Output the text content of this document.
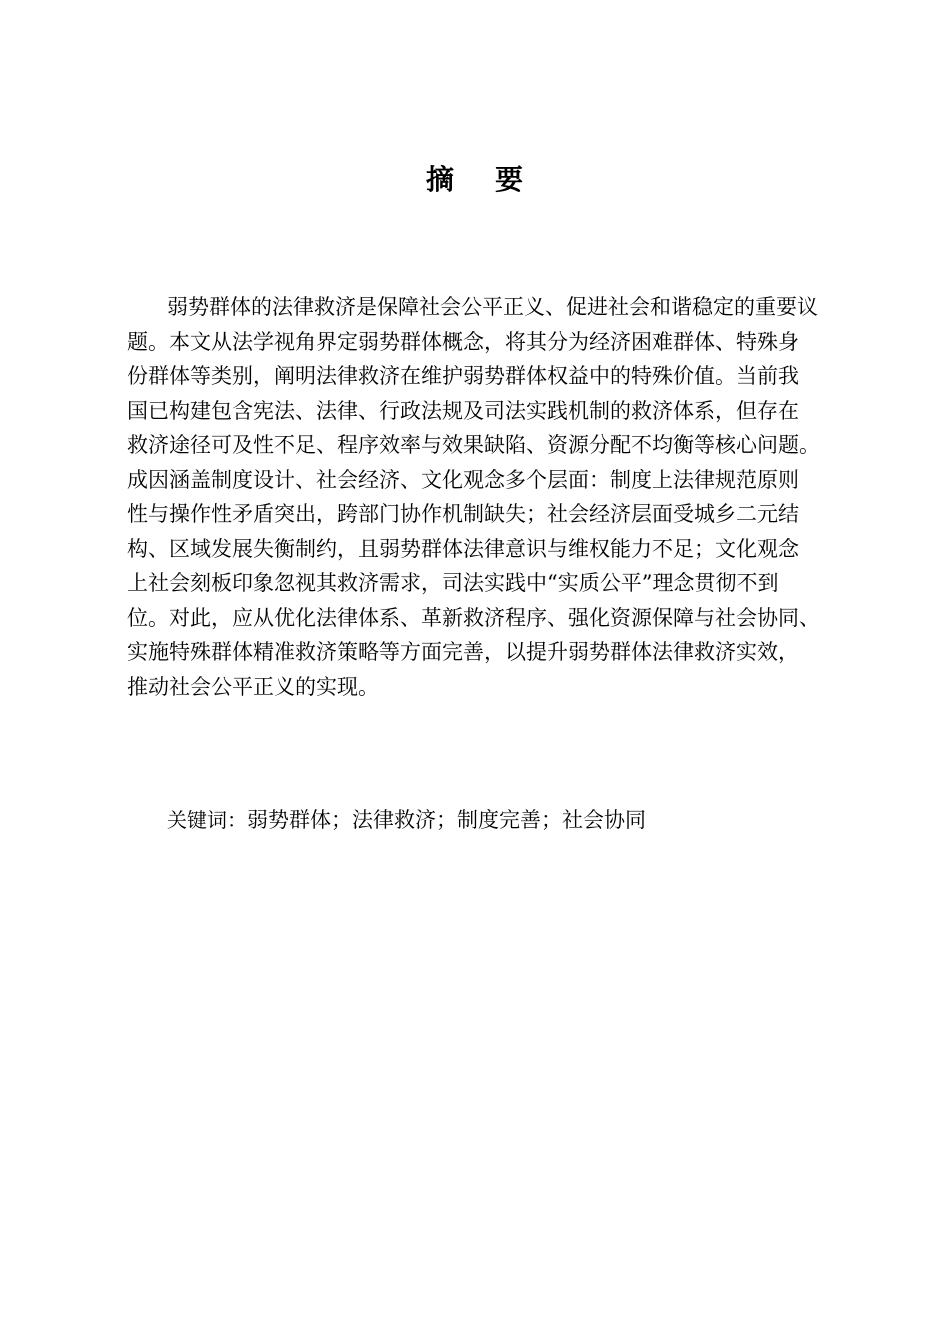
摘 要
弱势群体的法律救济是保障社会公平正义、促进社会和谐稳定的重要议
题。本文从法学视角界定弱势群体概念，将其分为经济困难群体、特殊身
份群体等类别，阐明法律救济在维护弱势群体权益中的特殊价值。当前我
国已构建包含宪法、法律、行政法规及司法实践机制的救济体系，但存在
救济途径可及性不足、程序效率与效果缺陷、资源分配不均衡等核心问题。
成因涵盖制度设计、社会经济、文化观念多个层面：制度上法律规范原则
性与操作性矛盾突出，跨部门协作机制缺失；社会经济层面受城乡二元结
构、区域发展失衡制约，且弱势群体法律意识与维权能力不足；文化观念
上社会刻板印象忽视其救济需求，司法实践中“实质公平”理念贯彻不到
位。对此，应从优化法律体系、革新救济程序、强化资源保障与社会协同、
实施特殊群体精准救济策略等方面完善，以提升弱势群体法律救济实效，
推动社会公平正义的实现。
关键词：弱势群体；法律救济；制度完善；社会协同
